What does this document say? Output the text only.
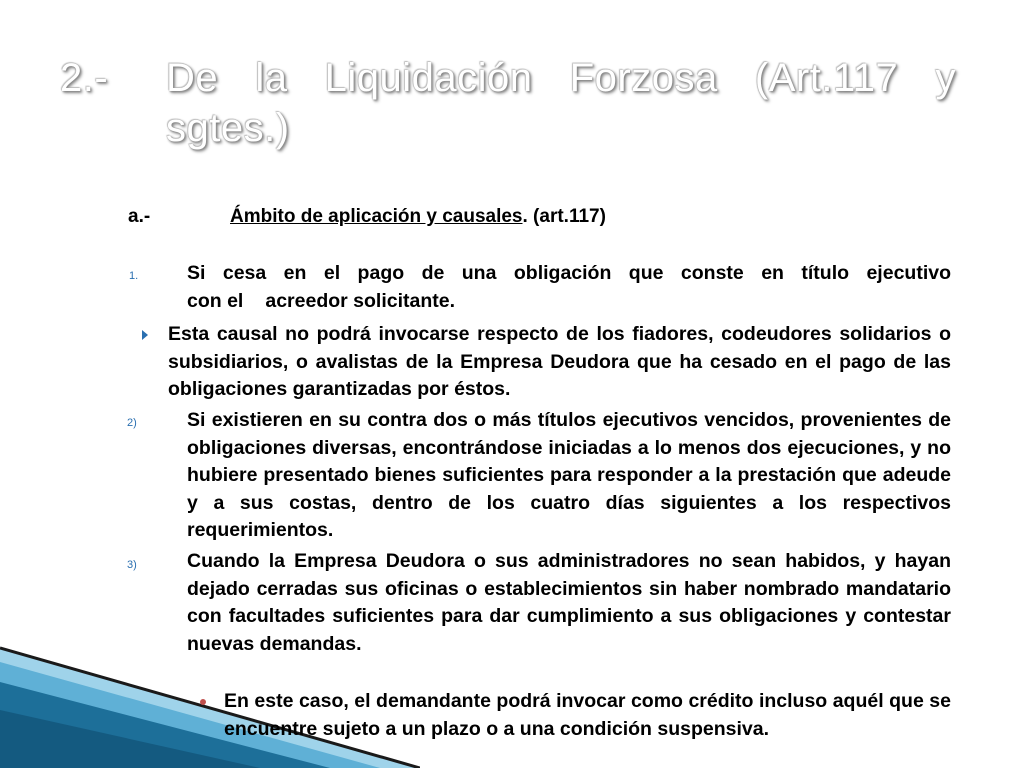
2.- De la Liquidación Forzosa (Art.117 y
sgtes.)
a.-	Ámbito de aplicación y causales. (art.117)
1.	Si cesa en el pago de una obligación que conste en título ejecutivo
con el acreedor solicitante.
Esta causal no podrá invocarse respecto de los fiadores, codeudores solidarios o subsidiarios, o avalistas de la Empresa Deudora que ha cesado en el pago de las obligaciones garantizadas por éstos.
2)	Si existieren en su contra dos o más títulos ejecutivos vencidos, provenientes de obligaciones diversas, encontrándose iniciadas a lo menos dos ejecuciones, y no hubiere presentado bienes suficientes para responder a la prestación que adeude y a sus costas, dentro de los cuatro días siguientes a los respectivos requerimientos.
3)	Cuando la Empresa Deudora o sus administradores no sean habidos, y hayan dejado cerradas sus oficinas o establecimientos sin haber nombrado mandatario con facultades suficientes para dar cumplimiento a sus obligaciones y contestar nuevas demandas.
En este caso, el demandante podrá invocar como crédito incluso aquél que se encuentre sujeto a un plazo o a una condición suspensiva.
